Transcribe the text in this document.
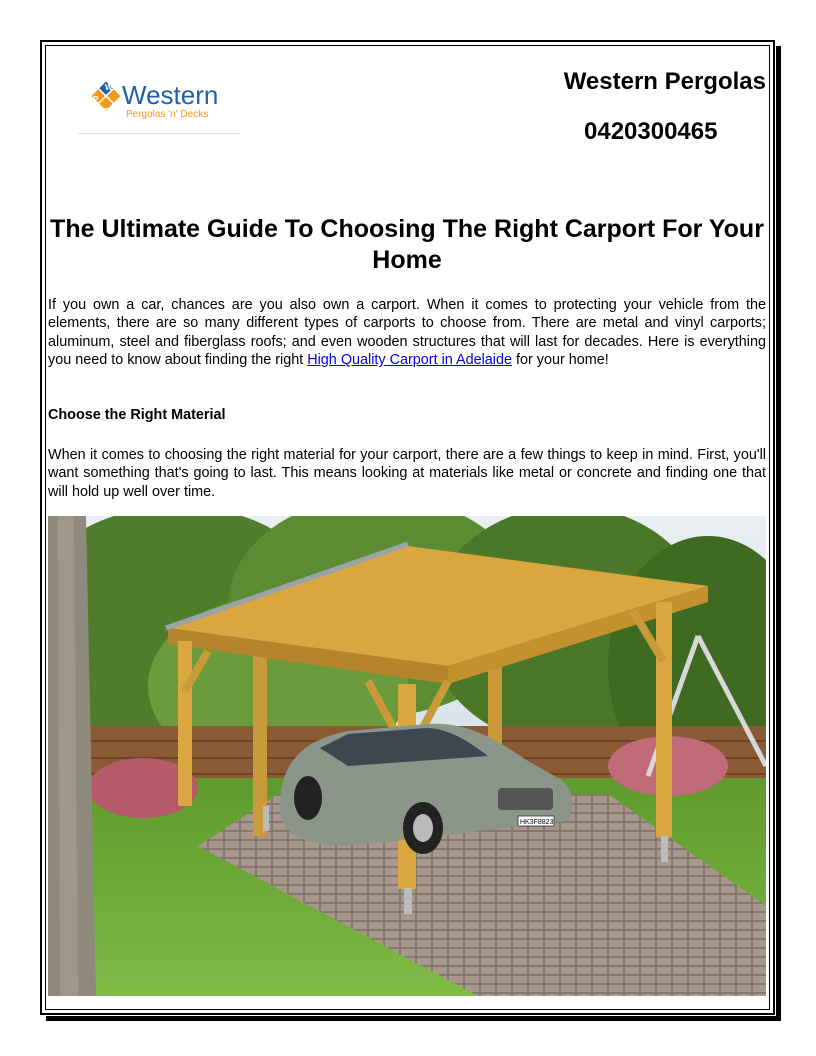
W
P
D
Western
Pergolas 'n' Decks
Western Pergolas
0420300465
The Ultimate Guide To Choosing The Right Carport For Your Home
If you own a car, chances are you also own a carport. When it comes to protecting your vehicle from the elements, there are so many different types of carports to choose from. There are metal and vinyl carports; aluminum, steel and fiberglass roofs; and even wooden structures that will last for decades. Here is everything you need to know about finding the right High Quality Carport in Adelaide for your home!
Choose the Right Material
When it comes to choosing the right material for your carport, there are a few things to keep in mind. First, you'll want something that's going to last. This means looking at materials like metal or concrete and finding one that will hold up well over time.
HK3F8823
